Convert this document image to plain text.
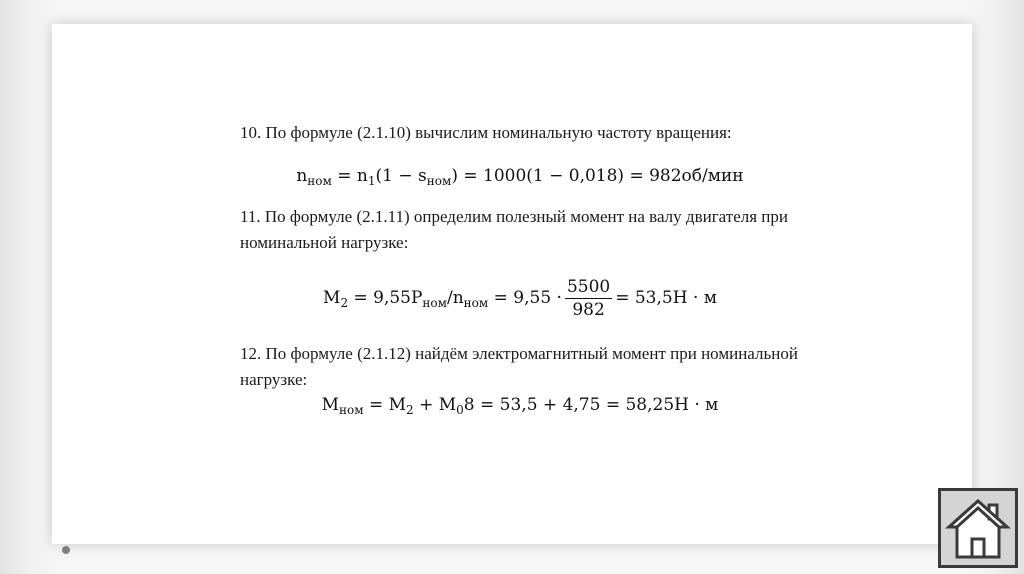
10. По формуле (2.1.10) вычислим номинальную частоту вращения:

$n_{ном} = n_1(1 - s_{ном}) = 1000(1 - 0,018) = 982об/мин$

11. По формуле (2.1.11) определим полезный момент на валу двигателя при номинальной нагрузке:

$M_2 = 9,55P_{ном}/n_{ном} = 9,55 \cdot \frac{5500}{982} = 53,5H \cdot м$

12. По формуле (2.1.12) найдём электромагнитный момент при номинальной нагрузке:

$M_{ном} = M_2 + M_08 = 53,5 + 4,75 = 58,25H \cdot м$
